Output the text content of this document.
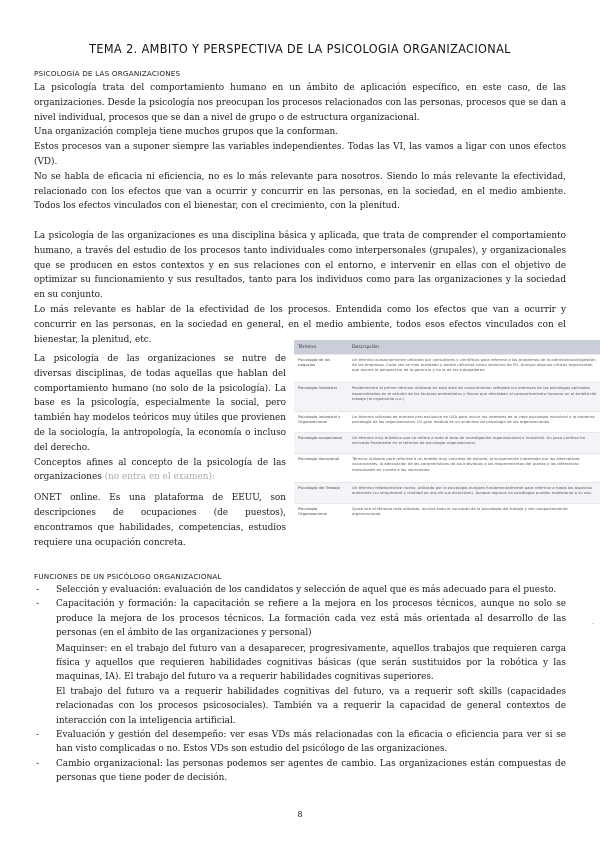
TEMA 2. AMBITO Y PERSPECTIVA DE LA PSICOLOGIA ORGANIZACIONAL
PSICOLOGÍA DE LAS ORGANIZACIONES

La psicología trata del comportamiento humano en un ámbito de aplicación específico, en este caso, de las organizaciones. Desde la psicología nos preocupan los procesos relacionados con las personas, procesos que se dan a nivel individual, procesos que se dan a nivel de grupo o de estructura organizacional.

Una organización compleja tiene muchos grupos que la conforman.

Estos procesos van a suponer siempre las variables independientes. Todas las VI, las vamos a ligar con unos efectos (VD).

No se habla de eficacia ni eficiencia, no es lo más relevante para nosotros. Siendo lo más relevante la efectividad, relacionado con los efectos que van a ocurrir y concurrir en las personas, en la sociedad, en el medio ambiente. Todos los efectos vinculados con el bienestar, con el crecimiento, con la plenitud.

La psicología de las organizaciones es una disciplina básica y aplicada, que trata de comprender el comportamiento humano, a través del estudio de los procesos tanto individuales como interpersonales (grupales), y organizacionales que se producen en estos contextos y en sus relaciones con el entorno, e intervenir en ellas con el objetivo de optimizar su funcionamiento y sus resultados, tanto para los individuos como para las organizaciones y la sociedad en su conjunto.

Lo más relevante es hablar de la efectividad de los procesos. Entendida como los efectos que van a ocurrir y concurrir en las personas, en la sociedad en general, en el medio ambiente, todos esos efectos vinculados con el bienestar, la plenitud, etc.

La psicología de las organizaciones se nutre de diversas disciplinas, de todas aquellas que hablan del comportamiento humano (no solo de la psicología). La base es la psicología, especialmente la social, pero también hay modelos teóricos muy útiles que provienen de la sociología, la antropología, la economía o incluso del derecho.

Conceptos afines al concepto de la psicología de las organizaciones (no entra en el examen):

ONET online. Es una plataforma de EEUU, son descripciones de ocupaciones (de puestos), encontramos que habilidades, competencias, estudios requiere una ocupación concreta.

Término	Descripción
Psicología de los negocios	Un término ocasionalmente utilizado por consultores y científicos para referirse a los problemas de la administración/gestión de las empresas. Cada vez se más aceptado y podría utilizarse como sinónimo de PO. Aunque algunos críticos argumentan que asume la perspectiva de la gerencia y no la de los trabajadores.
Psicología Industrial	Posiblemente el primer término utilizado en esta área de conocimiento: reflejaba los intereses de los psicólogos aplicados especializados en el estudio de los factores ambientales y físicos que afectaban al comportamiento humano en el ámbito del trabajo (la ergonomía p.e.)
Psicología Industrial y Organizacional	Un término utilizado de manera casi exclusiva en USA para incluir los intereses de la vieja psicología industrial y la moderna psicología de las organizaciones. En gran medida es un sinónimo de psicología de las organizaciones.
Psicología ocupacional	Un término muy británico que se refiere a todo el área de investigación organizacional e industrial. Un poco confuso ha derivado finalmente en el término de psicología organizacional.
Psicología Vocacional	Término utilizado para referirse a un ámbito muy concreto de estudio, principalmente interesado por las alternativas vocacionales, la adecuación de las características de los individuos a los requerimientos del puesto y las diferencias individuales en cuanto a las vocaciones.
Psicología del Trabajo	Un término relativamente nuevo, utilizado por la psicología europea fundamentalmente para referirse a todos los aspectos anteriores (su simplicidad y claridad es uno de sus atractivos). Aunque algunos no psicólogos pueden molestarse a su uso.
Psicología Organizacional	Quizá sea el término más utilizado. Incluye todo el concepto de la psicología del trabajo y del comportamiento organizacional.
FUNCIONES DE UN PSICÓLOGO ORGANIZACIONAL
- Selección y evaluación: evaluación de los candidatos y selección de aquel que es más adecuado para el puesto.
- Capacitación y formación: la capacitación se refiere a la mejora en los procesos técnicos, aunque no solo se produce la mejora de los procesos técnicos. La formación cada vez está más orientada al desarrollo de las personas (en el ámbito de las organizaciones y personal)
Maquinser: en el trabajo del futuro van a desaparecer, progresivamente, aquellos trabajos que requieren carga física y aquellos que requieren habilidades cognitivas básicas (que serán sustituidos por la robótica y las maquinas, IA). El trabajo del futuro va a requerir habilidades cognitivas superiores.
El trabajo del futuro va a requerir habilidades cognitivas del futuro, va a requerir soft skills (capacidades relacionadas con los procesos psicosociales). También va a requerir la capacidad de general contextos de interacción con la inteligencia artificial.
- Evaluación y gestión del desempeño: ver esas VDs más relacionadas con la eficacia o eficiencia para ver si se han visto complicadas o no. Estos VDs son estudio del psicólogo de las organizaciones.
- Cambio organizacional: las personas podemos ser agentes de cambio. Las organizaciones están compuestas de personas que tiene poder de decisión.
·
8
